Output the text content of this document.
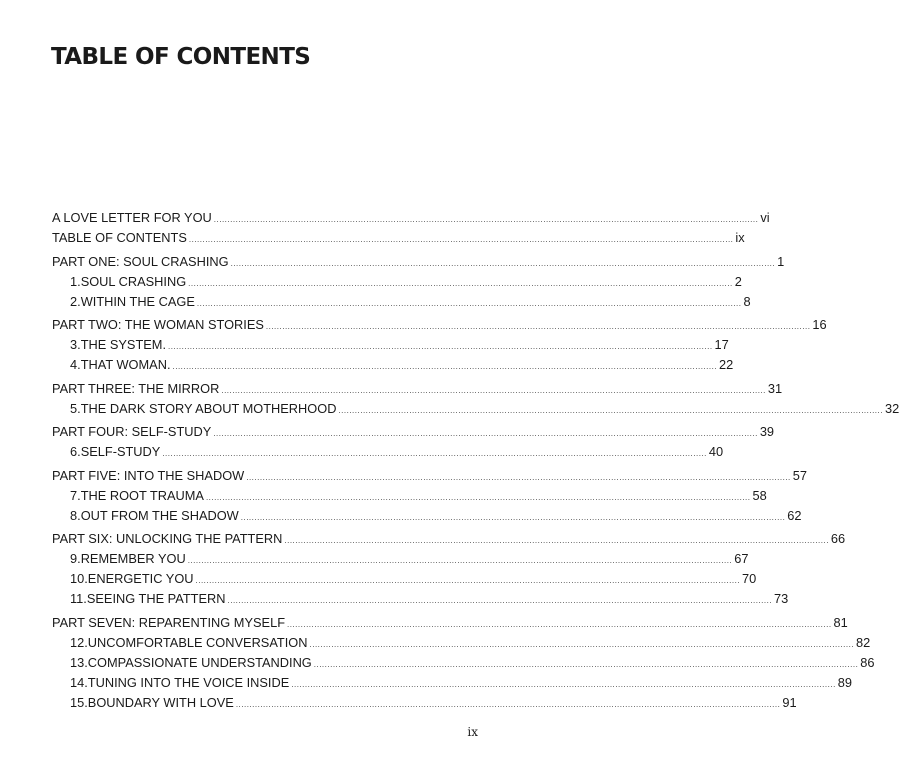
TABLE OF CONTENTS
A LOVE LETTER FOR YOU ........................................................................................................................................................................................................ vi
TABLE OF CONTENTS ........................................................................................................................................................................................................ ix
PART ONE: SOUL CRASHING ........................................................................................................................................................................................................ 1
1. SOUL CRASHING ........................................................................................................................................................................................................ 2
2. WITHIN THE CAGE ........................................................................................................................................................................................................ 8
PART TWO: THE WOMAN STORIES ........................................................................................................................................................................................................ 16
3. THE SYSTEM. ........................................................................................................................................................................................................ 17
4. THAT WOMAN. ........................................................................................................................................................................................................ 22
PART THREE: THE MIRROR ........................................................................................................................................................................................................ 31
5. THE DARK STORY ABOUT MOTHERHOOD ........................................................................................................................................................................................................ 32
PART FOUR: SELF-STUDY ........................................................................................................................................................................................................ 39
6. SELF-STUDY ........................................................................................................................................................................................................ 40
PART FIVE: INTO THE SHADOW ........................................................................................................................................................................................................ 57
7. THE ROOT TRAUMA ........................................................................................................................................................................................................ 58
8. OUT FROM THE SHADOW ........................................................................................................................................................................................................ 62
PART SIX: UNLOCKING THE PATTERN ........................................................................................................................................................................................................ 66
9. REMEMBER YOU ........................................................................................................................................................................................................ 67
10. ENERGETIC YOU ........................................................................................................................................................................................................ 70
11. SEEING THE PATTERN ........................................................................................................................................................................................................ 73
PART SEVEN: REPARENTING MYSELF ........................................................................................................................................................................................................ 81
12. UNCOMFORTABLE CONVERSATION ........................................................................................................................................................................................................ 82
13. COMPASSIONATE UNDERSTANDING ........................................................................................................................................................................................................ 86
14. TUNING INTO THE VOICE INSIDE ........................................................................................................................................................................................................ 89
15. BOUNDARY WITH LOVE ........................................................................................................................................................................................................ 91
ix
